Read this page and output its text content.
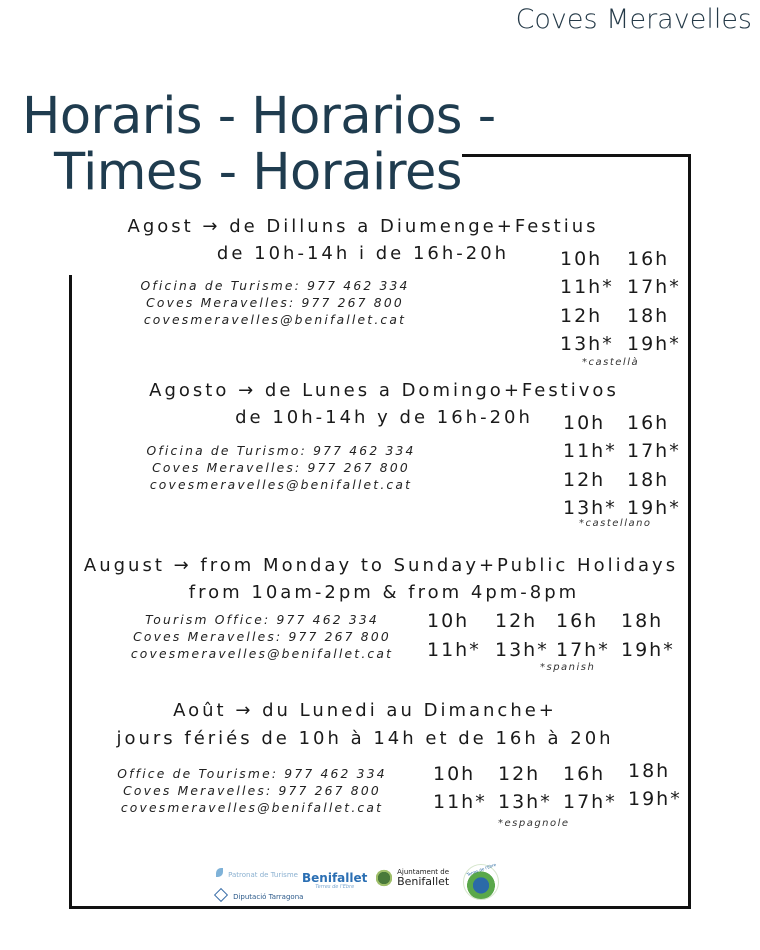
Coves Meravelles
Horaris - Horarios -
Times - Horaires
Agost → de Dilluns a Diumenge+Festius
de 10h-14h i de 16h-20h
Oficina de Turisme: 977 462 334
Coves Meravelles: 977 267 800
covesmeravelles@benifallet.cat
10h 16h
11h* 17h*
12h 18h
13h* 19h*
*castellà
Agosto → de Lunes a Domingo+Festivos
de 10h-14h y de 16h-20h
Oficina de Turismo: 977 462 334
Coves Meravelles: 977 267 800
covesmeravelles@benifallet.cat
10h 16h
11h* 17h*
12h 18h
13h* 19h*
*castellano
August → from Monday to Sunday+Public Holidays
from 10am-2pm & from 4pm-8pm
Tourism Office: 977 462 334
Coves Meravelles: 977 267 800
covesmeravelles@benifallet.cat
10h 12h 16h 18h
11h* 13h* 17h* 19h*
*spanish
Août → du Lunedi au Dimanche+
jours fériés de 10h à 14h et de 16h à 20h
Office de Tourisme: 977 462 334
Coves Meravelles: 977 267 800
covesmeravelles@benifallet.cat
10h 12h 16h 18h
11h* 13h* 17h* 19h*
*espagnole
Patronat de Turisme
Diputació Tarragona
Benifallet
Terres de l'Ebre

Ajuntament de
Benifallet
Terres de l'Ebre
